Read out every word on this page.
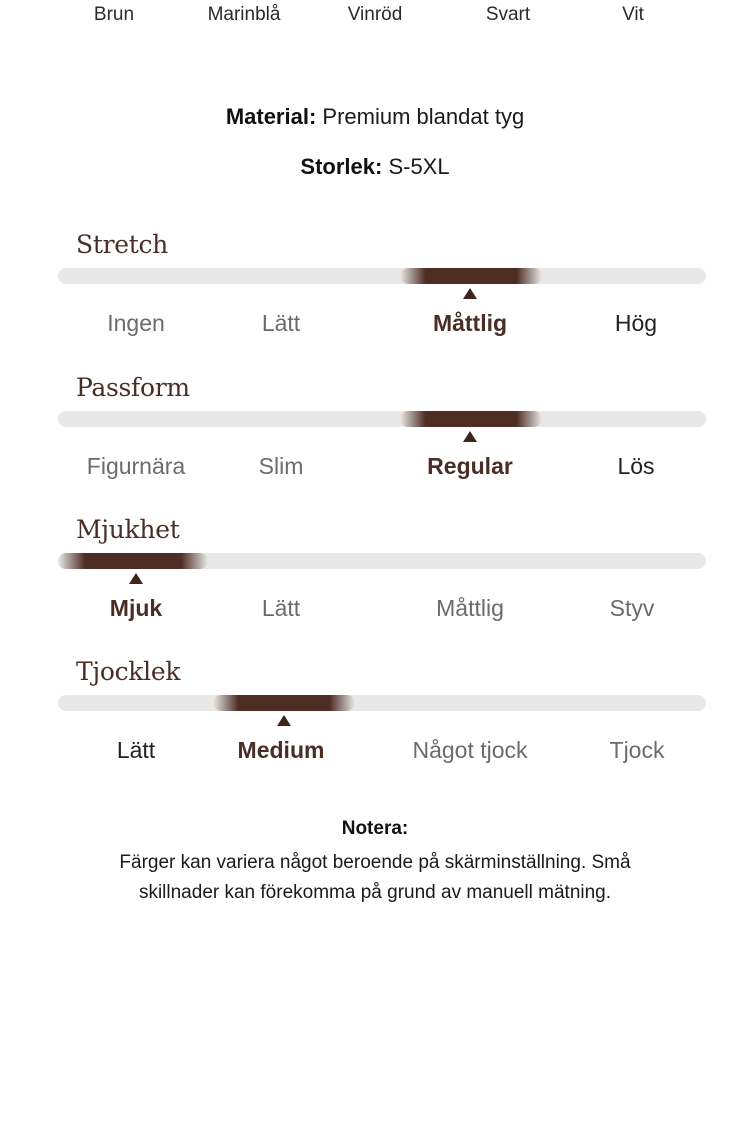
Brun	Marinblå	Vinröd	Svart	Vit
Material: Premium blandat tyg
Storlek: S-5XL
Stretch
Ingen	Lätt	Måttlig	Hög
Passform
Figurnära	Slim	Regular	Lös
Mjukhet
Mjuk	Lätt	Måttlig	Styv
Tjocklek
Lätt	Medium	Något tjock	Tjock
Notera:
Färger kan variera något beroende på skärminställning. Små skillnader kan förekomma på grund av manuell mätning.
